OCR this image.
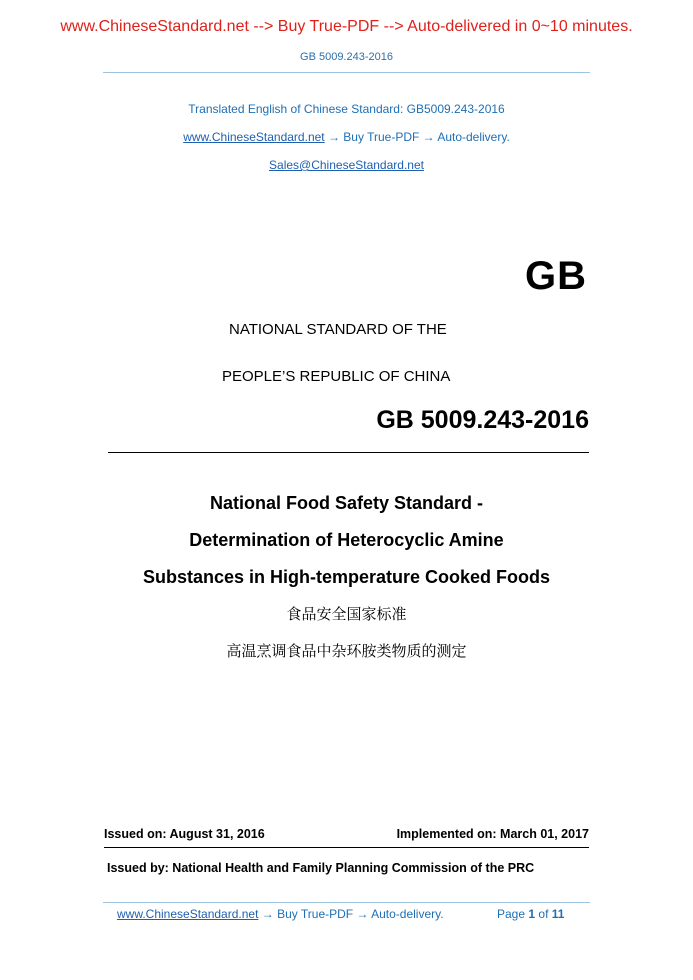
www.ChineseStandard.net --> Buy True-PDF --> Auto-delivered in 0~10 minutes.
GB 5009.243-2016
Translated English of Chinese Standard: GB5009.243-2016
www.ChineseStandard.net → Buy True-PDF → Auto-delivery.
Sales@ChineseStandard.net
GB
NATIONAL STANDARD OF THE
PEOPLE’S REPUBLIC OF CHINA
GB 5009.243-2016
National Food Safety Standard -
Determination of Heterocyclic Amine
Substances in High-temperature Cooked Foods
食品安全国家标准
高温烹调食品中杂环胺类物质的测定
Issued on: August 31, 2016	Implemented on: March 01, 2017
Issued by: National Health and Family Planning Commission of the PRC
www.ChineseStandard.net → Buy True-PDF → Auto-delivery.	Page 1 of 11
